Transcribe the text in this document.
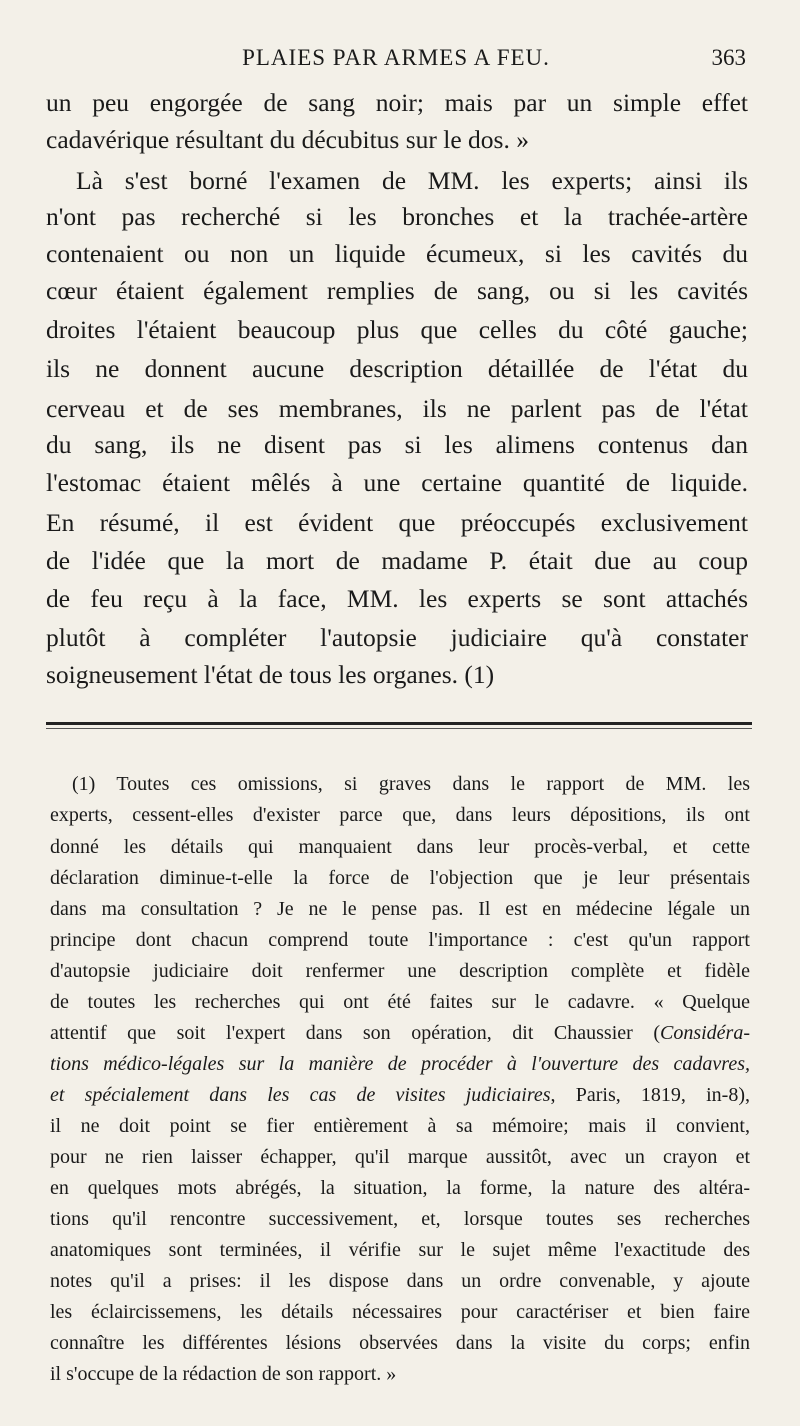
PLAIES PAR ARMES A FEU.	363
un peu engorgée de sang noir; mais par un simple effet
cadavérique résultant du décubitus sur le dos. »
Là s'est borné l'examen de MM. les experts; ainsi ils
n'ont pas recherché si les bronches et la trachée-artère
contenaient ou non un liquide écumeux, si les cavités du
cœur étaient également remplies de sang, ou si les cavités
droites l'étaient beaucoup plus que celles du côté gauche;
ils ne donnent aucune description détaillée de l'état du
cerveau et de ses membranes, ils ne parlent pas de l'état
du sang, ils ne disent pas si les alimens contenus dan
l'estomac étaient mêlés à une certaine quantité de liquide.
En résumé, il est évident que préoccupés exclusivement
de l'idée que la mort de madame P. était due au coup
de feu reçu à la face, MM. les experts se sont attachés
plutôt à compléter l'autopsie judiciaire qu'à constater
soigneusement l'état de tous les organes. (1)
(1) Toutes ces omissions, si graves dans le rapport de MM. les
experts, cessent-elles d'exister parce que, dans leurs dépositions, ils ont
donné les détails qui manquaient dans leur procès-verbal, et cette
déclaration diminue-t-elle la force de l'objection que je leur présentais
dans ma consultation ? Je ne le pense pas. Il est en médecine légale un
principe dont chacun comprend toute l'importance : c'est qu'un rapport
d'autopsie judiciaire doit renfermer une description complète et fidèle
de toutes les recherches qui ont été faites sur le cadavre. « Quelque
attentif que soit l'expert dans son opération, dit Chaussier (Considéra-
tions médico-légales sur la manière de procéder à l'ouverture des cadavres,
et spécialement dans les cas de visites judiciaires, Paris, 1819, in-8),
il ne doit point se fier entièrement à sa mémoire; mais il convient,
pour ne rien laisser échapper, qu'il marque aussitôt, avec un crayon et
en quelques mots abrégés, la situation, la forme, la nature des altéra-
tions qu'il rencontre successivement, et, lorsque toutes ses recherches
anatomiques sont terminées, il vérifie sur le sujet même l'exactitude des
notes qu'il a prises: il les dispose dans un ordre convenable, y ajoute
les éclaircissemens, les détails nécessaires pour caractériser et bien faire
connaître les différentes lésions observées dans la visite du corps; enfin
il s'occupe de la rédaction de son rapport. »
